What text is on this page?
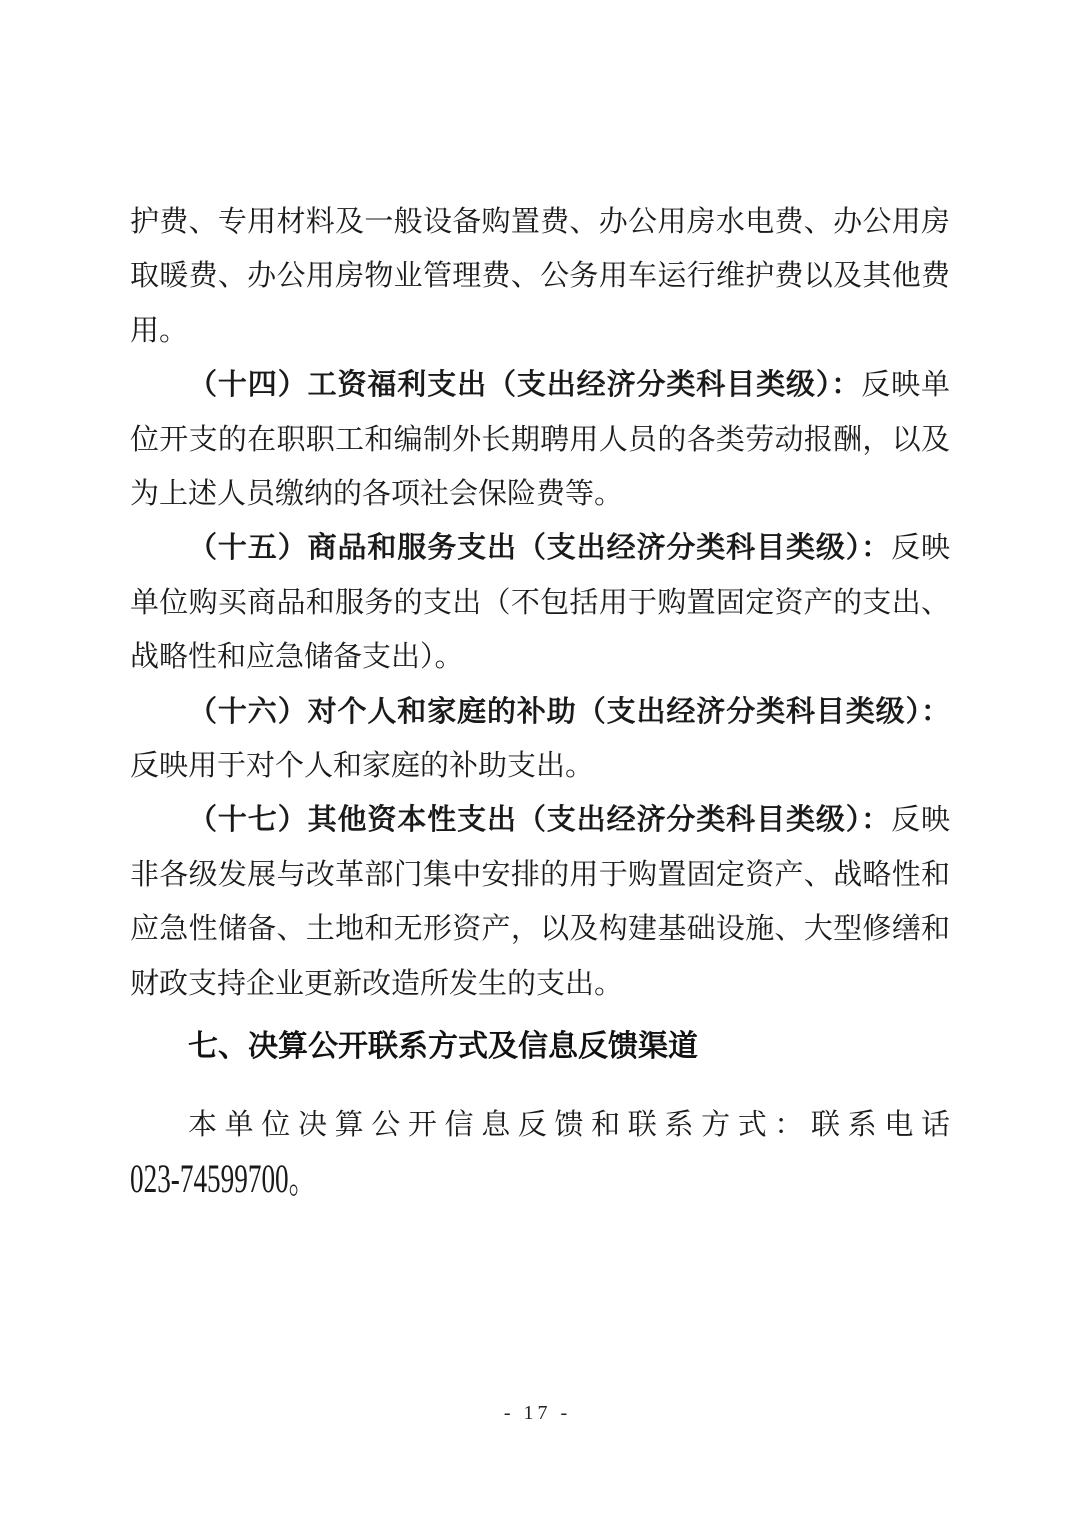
护费、专用材料及一般设备购置费、办公用房水电费、办公用房取暖费、办公用房物业管理费、公务用车运行维护费以及其他费用。

（十四）工资福利支出（支出经济分类科目类级）：反映单位开支的在职职工和编制外长期聘用人员的各类劳动报酬，以及为上述人员缴纳的各项社会保险费等。

（十五）商品和服务支出（支出经济分类科目类级）：反映单位购买商品和服务的支出（不包括用于购置固定资产的支出、战略性和应急储备支出）。

（十六）对个人和家庭的补助（支出经济分类科目类级）：反映用于对个人和家庭的补助支出。

（十七）其他资本性支出（支出经济分类科目类级）：反映非各级发展与改革部门集中安排的用于购置固定资产、战略性和应急性储备、土地和无形资产，以及构建基础设施、大型修缮和财政支持企业更新改造所发生的支出。

七、决算公开联系方式及信息反馈渠道

本单位决算公开信息反馈和联系方式：联系电话

023-74599700。

- 17 -
